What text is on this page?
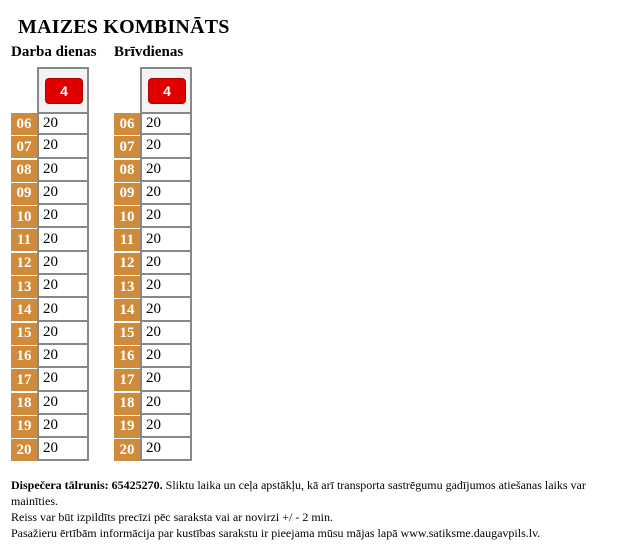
MAIZES KOMBINĀTS
Darba dienas Brīvdienas
4
06 20
07 20
08 20
09 20
10 20
11 20
12 20
13 20
14 20
15 20
16 20
17 20
18 20
19 20
20 20
4
06 20
07 20
08 20
09 20
10 20
11 20
12 20
13 20
14 20
15 20
16 20
17 20
18 20
19 20
20 20
Dispečera tālrunis: 65425270. Sliktu laika un ceļa apstākļu, kā arī transporta sastrēgumu gadījumos atiešanas laiks var mainīties.
Reiss var būt izpildīts precīzi pēc saraksta vai ar novirzi +/ - 2 min.
Pasažieru ērtībām informācija par kustības sarakstu ir pieejama mūsu mājas lapā www.satiksme.daugavpils.lv.
